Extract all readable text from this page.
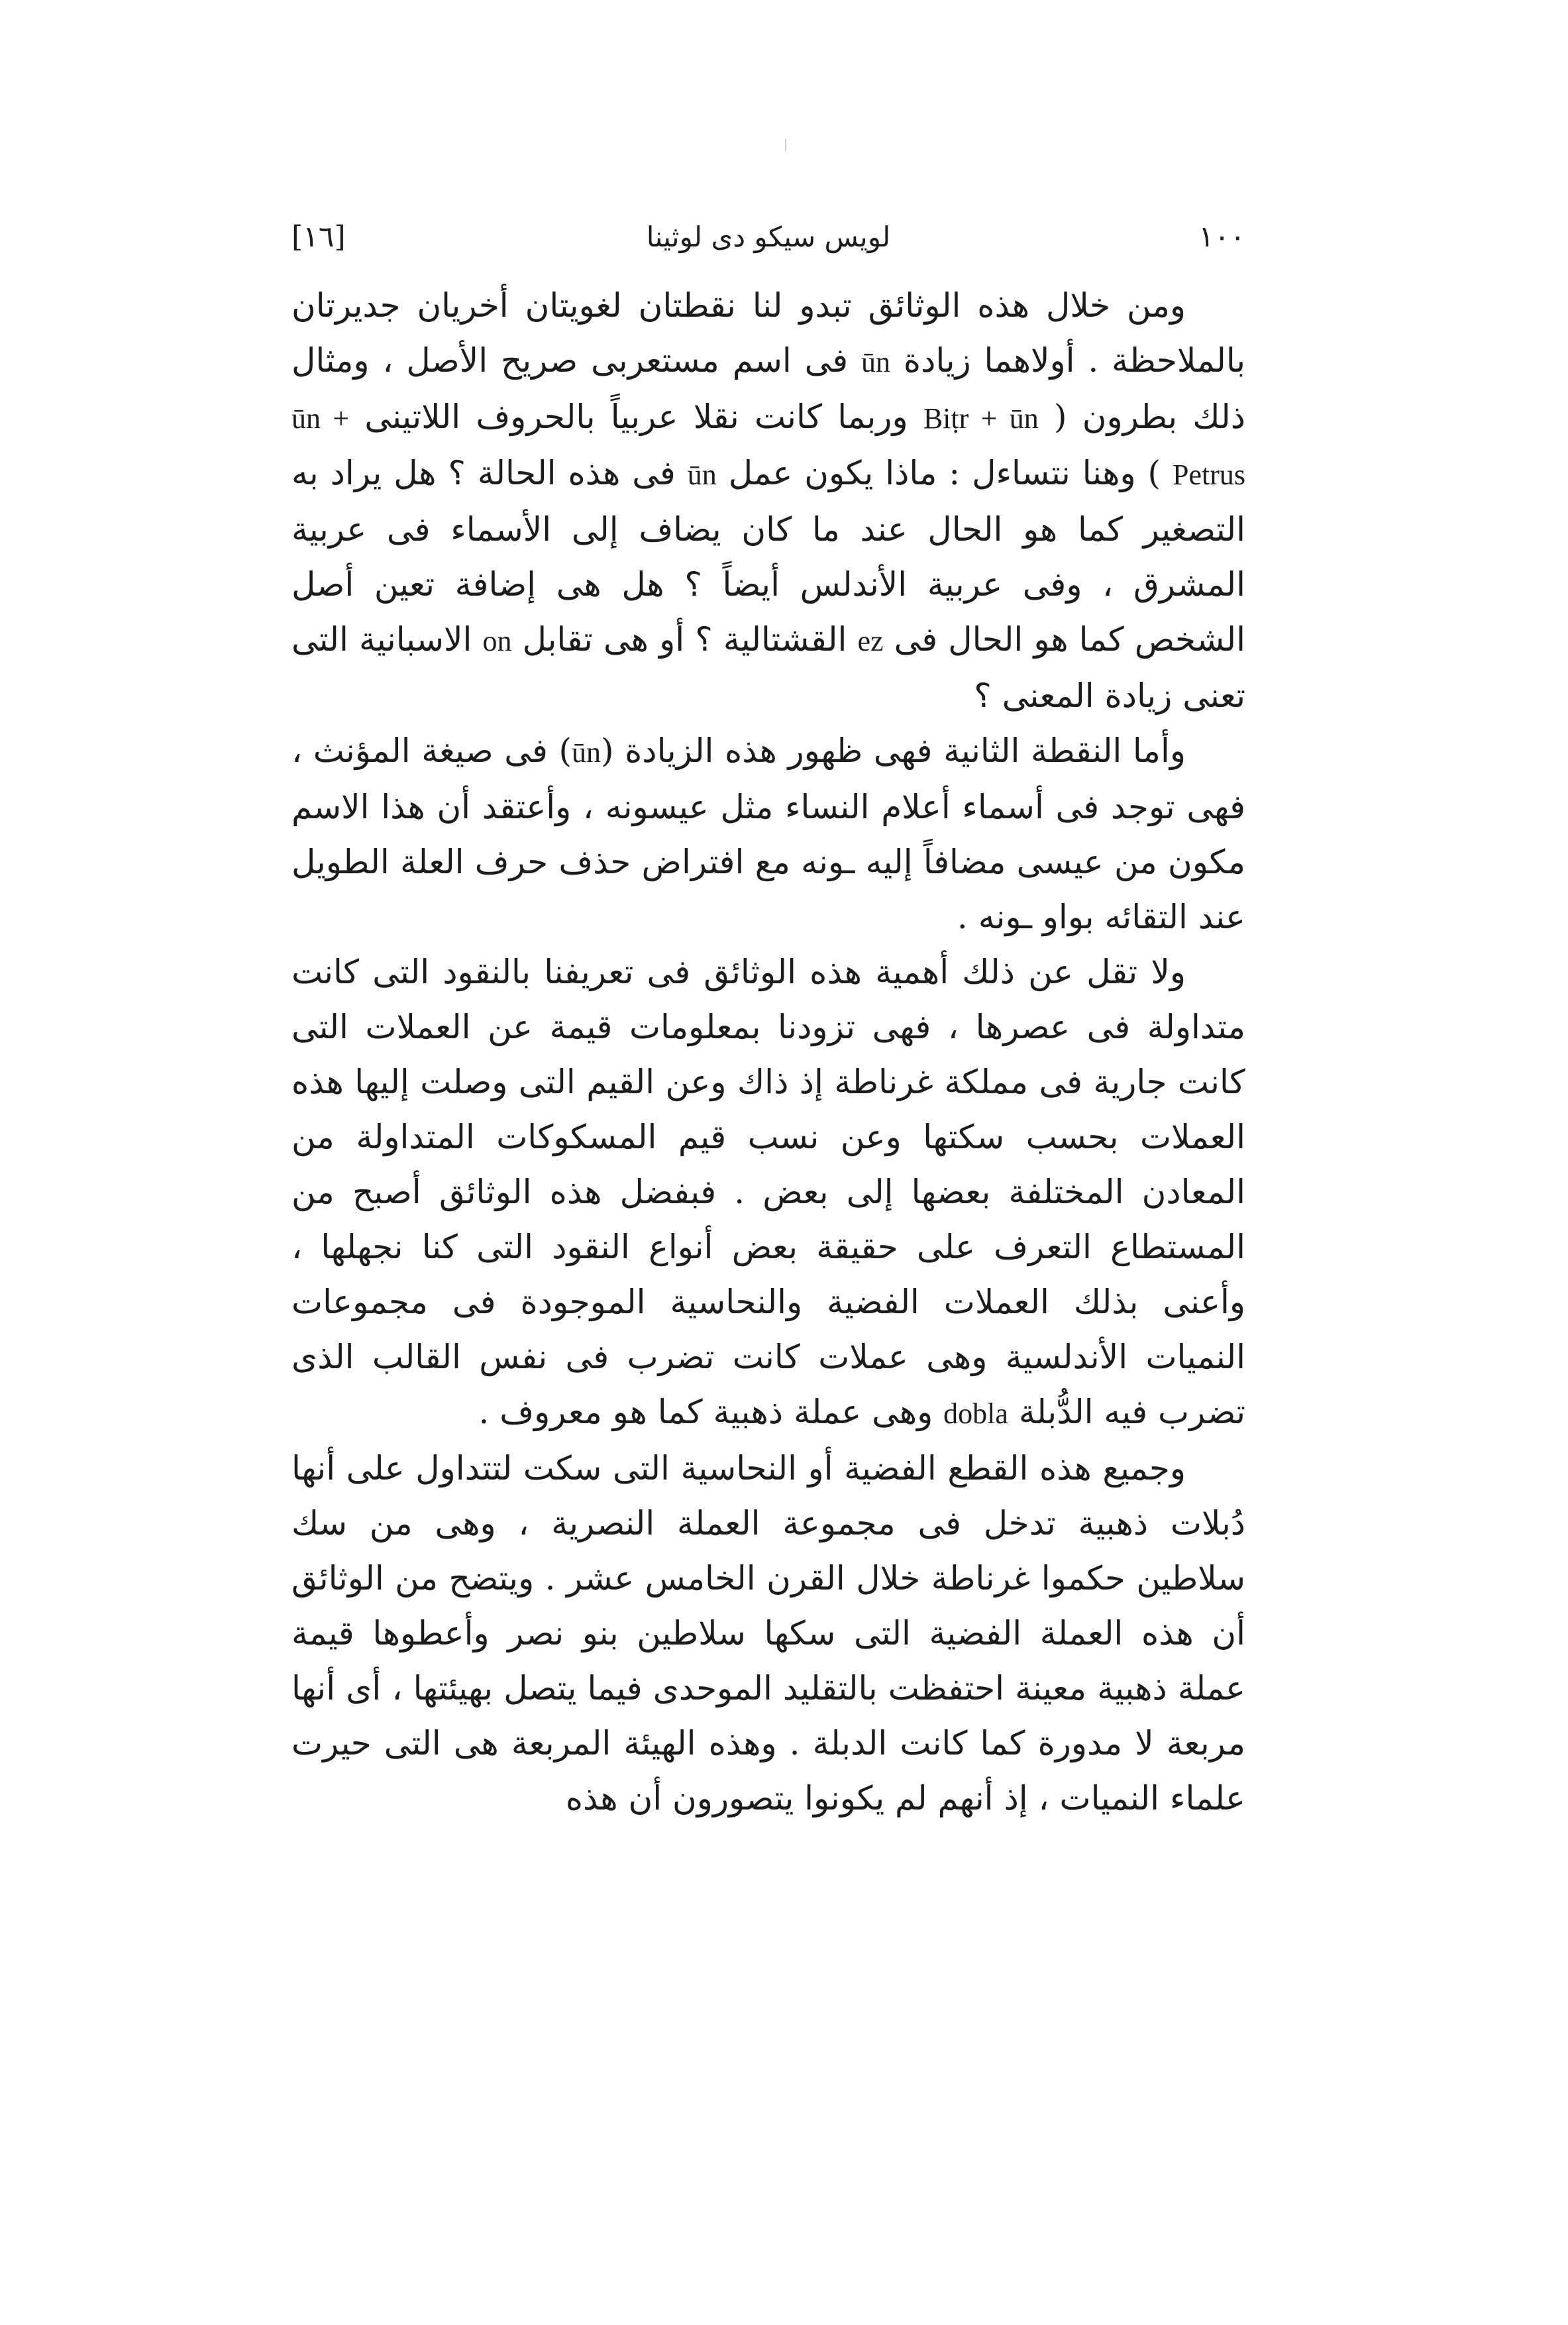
١٠٠
لويس سيكو دى لوثينا
[١٦]

ومن خلال هذه الوثائق تبدو لنا نقطتان لغويتان أخريان جديرتان بالملاحظة . أولاهما زيادة ūn فى اسم مستعربى صريح الأصل ، ومثال ذلك بطرون ( Biṭr + ūn وربما كانت نقلا عربياً بالحروف اللاتينى ūn + Petrus ) وهنا نتساءل : ماذا يكون عمل ūn فى هذه الحالة ؟ هل يراد به التصغير كما هو الحال عند ما كان يضاف إلى الأسماء فى عربية المشرق ، وفى عربية الأندلس أيضاً ؟ هل هى إضافة تعين أصل الشخص كما هو الحال فى ez القشتالية ؟ أو هى تقابل on الاسبانية التى تعنى زيادة المعنى ؟

وأما النقطة الثانية فهى ظهور هذه الزيادة (ūn) فى صيغة المؤنث ، فهى توجد فى أسماء أعلام النساء مثل عيسونه ، وأعتقد أن هذا الاسم مكون من عيسى مضافاً إليه ـونه مع افتراض حذف حرف العلة الطويل عند التقائه بواو ـونه .

ولا تقل عن ذلك أهمية هذه الوثائق فى تعريفنا بالنقود التى كانت متداولة فى عصرها ، فهى تزودنا بمعلومات قيمة عن العملات التى كانت جارية فى مملكة غرناطة إذ ذاك وعن القيم التى وصلت إليها هذه العملات بحسب سكتها وعن نسب قيم المسكوكات المتداولة من المعادن المختلفة بعضها إلى بعض . فبفضل هذه الوثائق أصبح من المستطاع التعرف على حقيقة بعض أنواع النقود التى كنا نجهلها ، وأعنى بذلك العملات الفضية والنحاسية الموجودة فى مجموعات النميات الأندلسية وهى عملات كانت تضرب فى نفس القالب الذى تضرب فيه الدُّبلة dobla وهى عملة ذهبية كما هو معروف .

وجميع هذه القطع الفضية أو النحاسية التى سكت لتتداول على أنها دُبلات ذهبية تدخل فى مجموعة العملة النصرية ، وهى من سك سلاطين حكموا غرناطة خلال القرن الخامس عشر . ويتضح من الوثائق أن هذه العملة الفضية التى سكها سلاطين بنو نصر وأعطوها قيمة عملة ذهبية معينة احتفظت بالتقليد الموحدى فيما يتصل بهيئتها ، أى أنها مربعة لا مدورة كما كانت الدبلة . وهذه الهيئة المربعة هى التى حيرت علماء النميات ، إذ أنهم لم يكونوا يتصورون أن هذه
